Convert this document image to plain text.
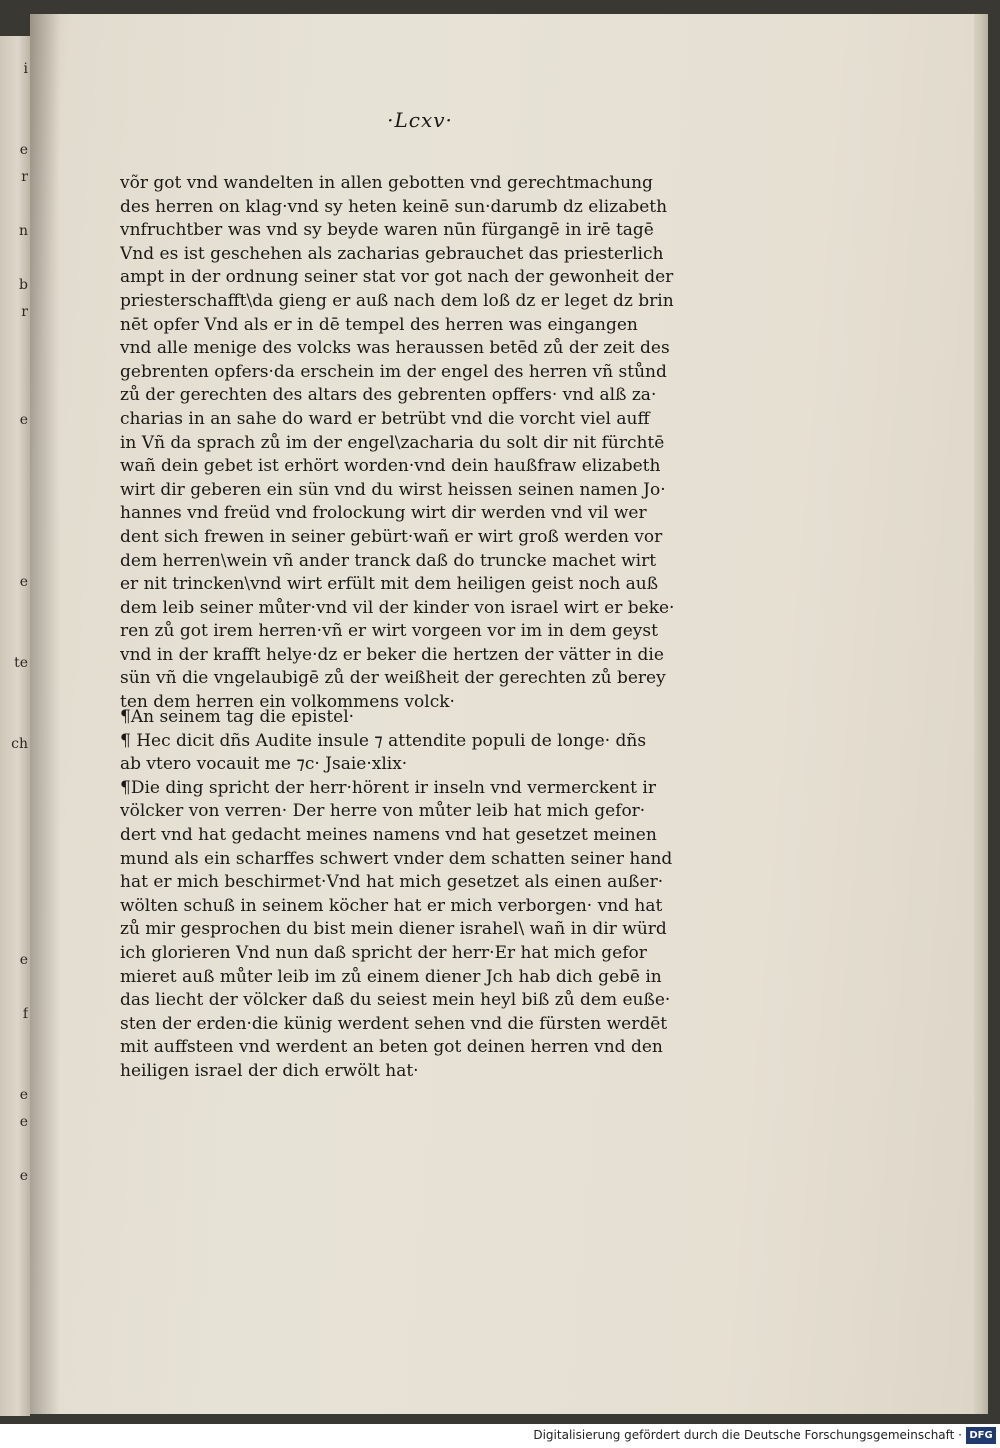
i
e
r
n
b
r
e
e
te
ch
e
f
e
e
e
·Lcxv·
võr got vnd wandelten in allen gebotten vnd gerechtmachung
des herren on klag·vnd sy heten keinē sun·darumb dz elizabeth
vnfruchtber was vnd sy beyde waren nūn fürgangē in irē tagē
Vnd es ist geschehen als zacharias gebrauchet das priesterlich
ampt in der ordnung seiner stat vor got nach der gewonheit der
priesterschafft\da gieng er auß nach dem loß dz er leget dz brin
nēt opfer Vnd als er in dē tempel des herren was eingangen
vnd alle menige des volcks was heraussen betēd zů der zeit des
gebrenten opfers·da erschein im der engel des herren vñ stůnd
zů der gerechten des altars des gebrenten opffers· vnd alß za·
charias in an sahe do ward er betrübt vnd die vorcht viel auff
in Vñ da sprach zů im der engel\zacharia du solt dir nit fürchtē
wañ dein gebet ist erhört worden·vnd dein haußfraw elizabeth
wirt dir geberen ein sün vnd du wirst heissen seinen namen Jo·
hannes vnd freüd vnd frolockung wirt dir werden vnd vil wer
dent sich frewen in seiner gebürt·wañ er wirt groß werden vor
dem herren\wein vñ ander tranck daß do truncke machet wirt
er nit trincken\vnd wirt erfült mit dem heiligen geist noch auß
dem leib seiner můter·vnd vil der kinder von israel wirt er beke·
ren zů got irem herren·vñ er wirt vorgeen vor im in dem geyst
vnd in der krafft helye·dz er beker die hertzen der vätter in die
sün vñ die vngelaubigē zů der weißheit der gerechten zů berey
ten dem herren ein volkommens volck·
¶An seinem tag die epistel·
¶ Hec dicit dñs Audite insule ⁊ attendite populi de longe· dñs
ab vtero vocauit me ⁊c· Jsaie·xlix·
¶Die ding spricht der herr·hörent ir inseln vnd vermerckent ir
völcker von verren· Der herre von můter leib hat mich gefor·
dert vnd hat gedacht meines namens vnd hat gesetzet meinen
mund als ein scharffes schwert vnder dem schatten seiner hand
hat er mich beschirmet·Vnd hat mich gesetzet als einen außer·
wölten schuß in seinem köcher hat er mich verborgen· vnd hat
zů mir gesprochen du bist mein diener israhel\ wañ in dir würd
ich glorieren Vnd nun daß spricht der herr·Er hat mich gefor
mieret auß můter leib im zů einem diener Jch hab dich gebē in
das liecht der völcker daß du seiest mein heyl biß zů dem euße·
sten der erden·die künig werdent sehen vnd die fürsten werdēt
mit auffsteen vnd werdent an beten got deinen herren vnd den
heiligen israel der dich erwölt hat·
Digitalisierung gefördert durch die Deutsche Forschungsgemeinschaft · DFG
